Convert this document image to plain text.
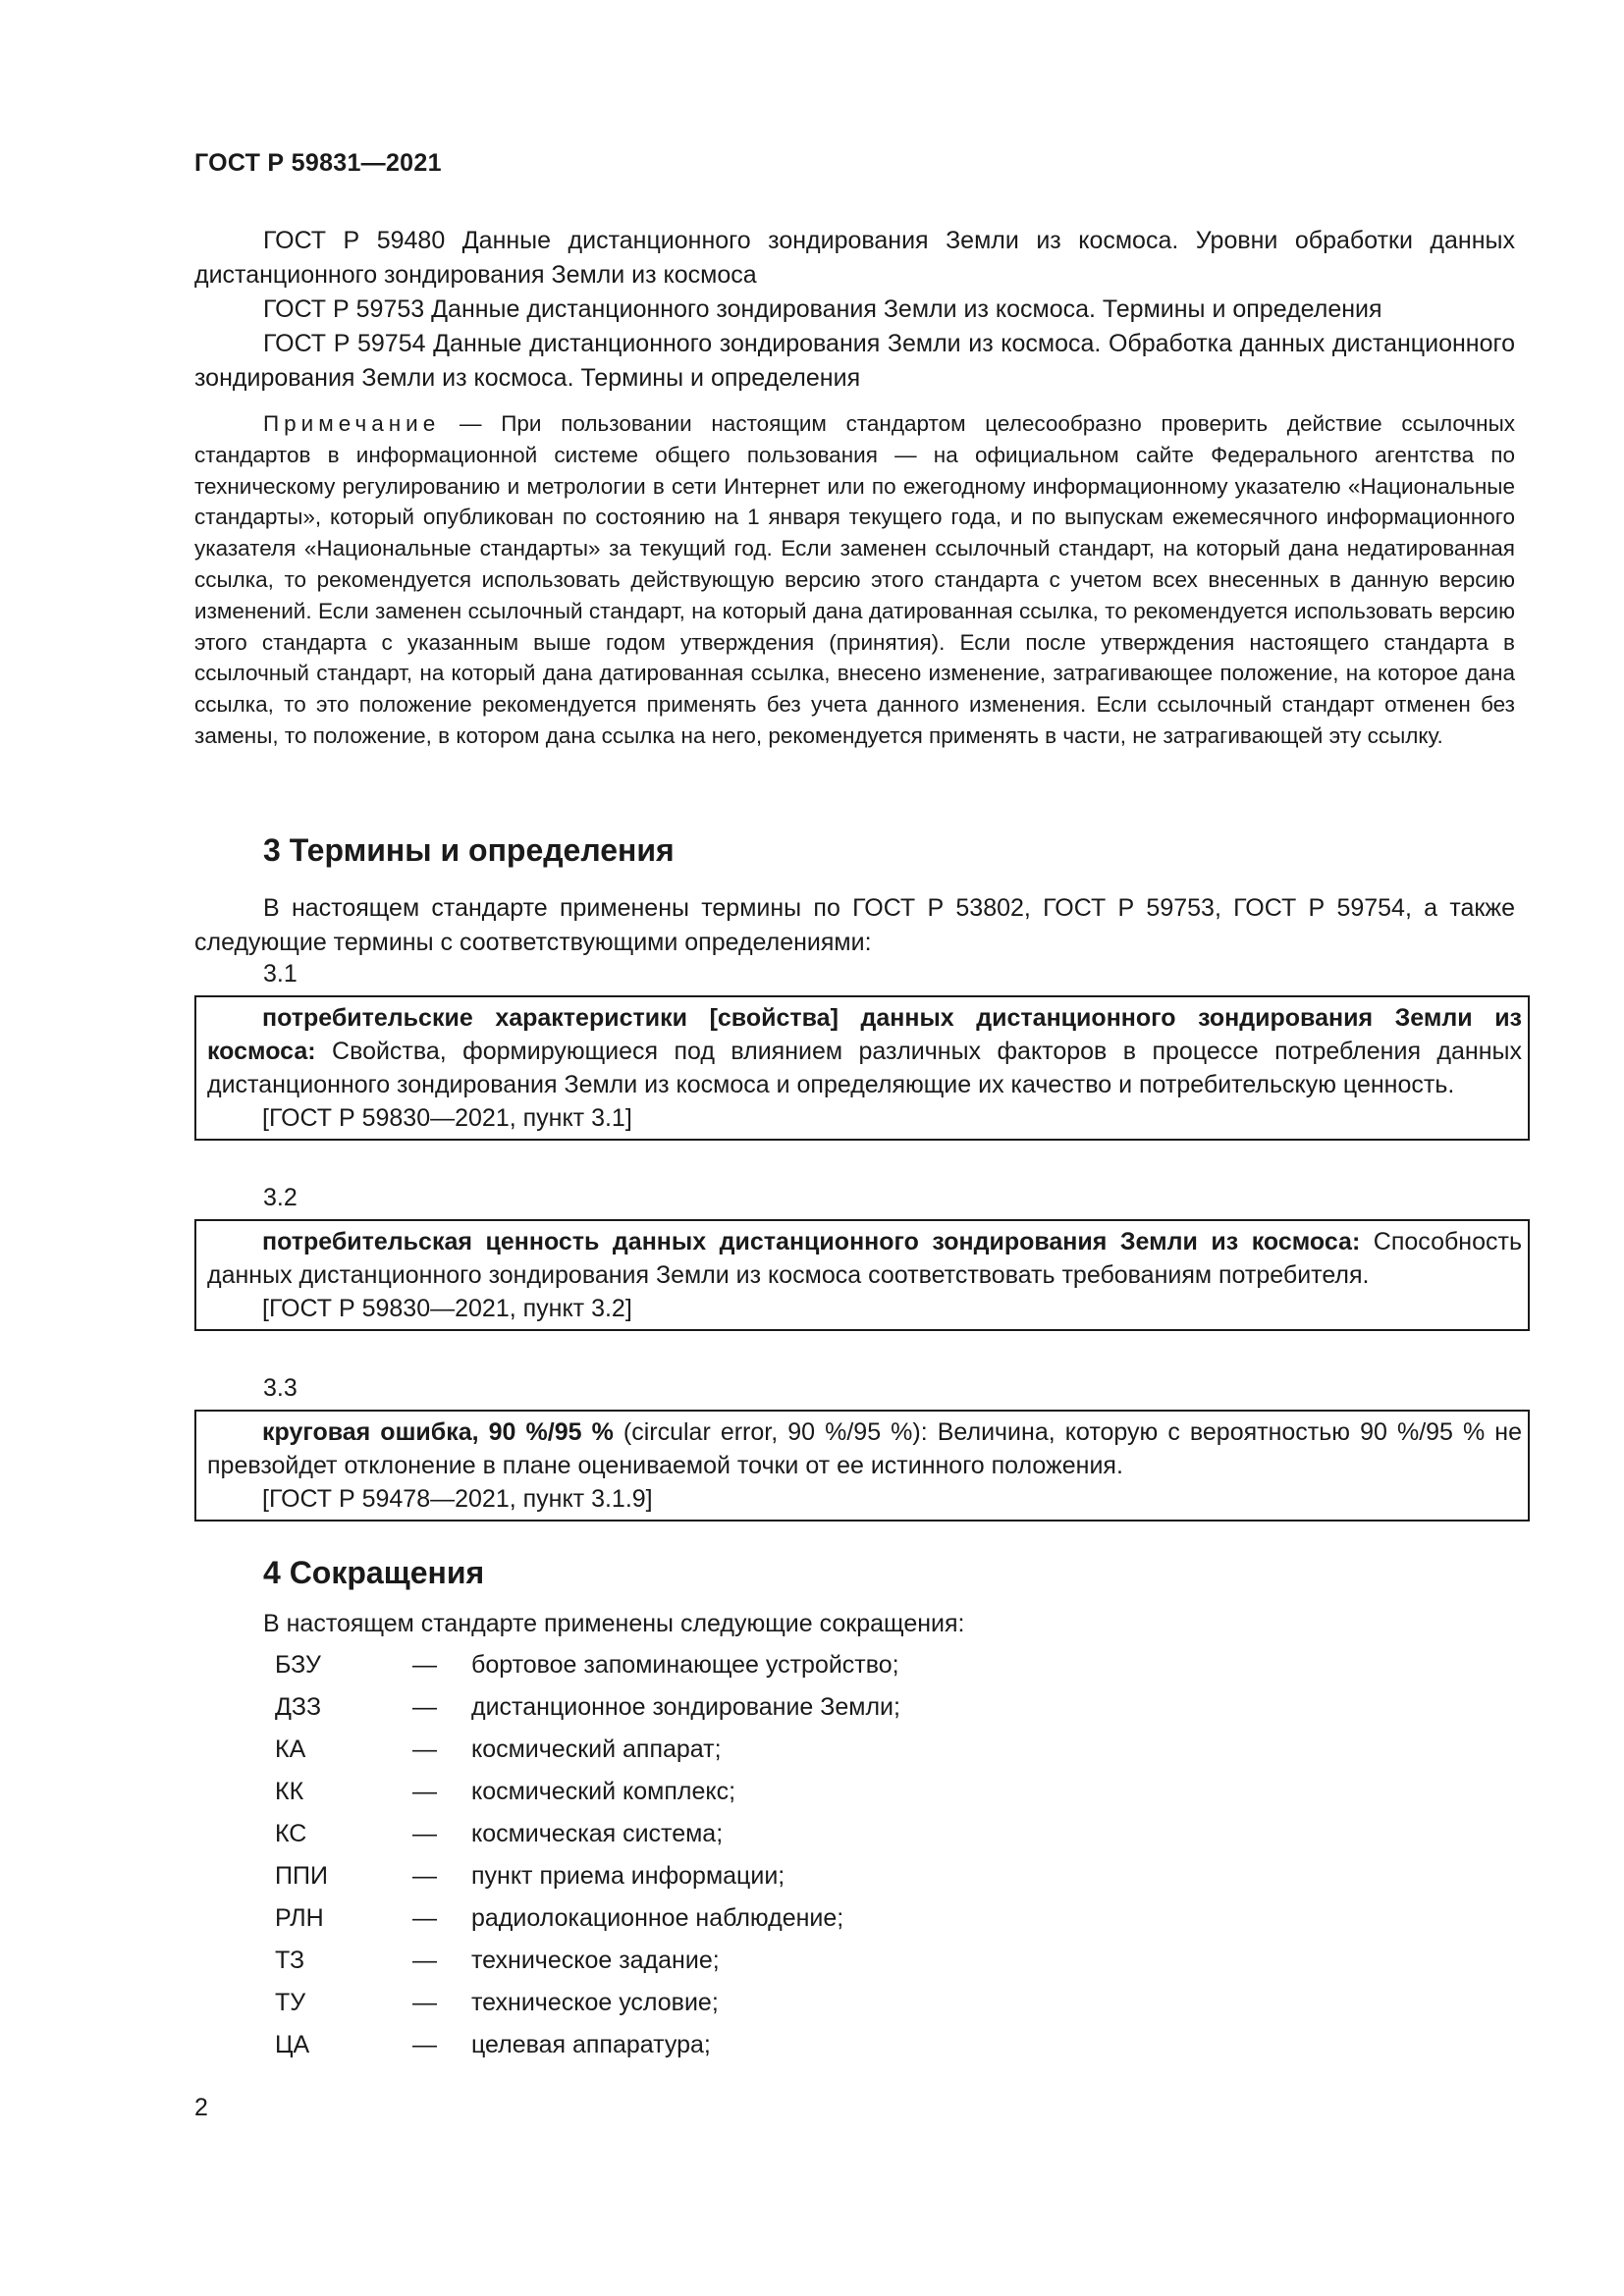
ГОСТ Р 59831—2021

ГОСТ Р 59480 Данные дистанционного зондирования Земли из космоса. Уровни обработки данных дистанционного зондирования Земли из космоса

ГОСТ Р 59753 Данные дистанционного зондирования Земли из космоса. Термины и определения

ГОСТ Р 59754 Данные дистанционного зондирования Земли из космоса. Обработка данных дистанционного зондирования Земли из космоса. Термины и определения

Примечание — При пользовании настоящим стандартом целесообразно проверить действие ссылочных стандартов в информационной системе общего пользования — на официальном сайте Федерального агентства по техническому регулированию и метрологии в сети Интернет или по ежегодному информационному указателю «Национальные стандарты», который опубликован по состоянию на 1 января текущего года, и по выпускам ежемесячного информационного указателя «Национальные стандарты» за текущий год. Если заменен ссылочный стандарт, на который дана недатированная ссылка, то рекомендуется использовать действующую версию этого стандарта с учетом всех внесенных в данную версию изменений. Если заменен ссылочный стандарт, на который дана датированная ссылка, то рекомендуется использовать версию этого стандарта с указанным выше годом утверждения (принятия). Если после утверждения настоящего стандарта в ссылочный стандарт, на который дана датированная ссылка, внесено изменение, затрагивающее положение, на которое дана ссылка, то это положение рекомендуется применять без учета данного изменения. Если ссылочный стандарт отменен без замены, то положение, в котором дана ссылка на него, рекомендуется применять в части, не затрагивающей эту ссылку.

3 Термины и определения

В настоящем стандарте применены термины по ГОСТ Р 53802, ГОСТ Р 59753, ГОСТ Р 59754, а также следующие термины с соответствующими определениями:

3.1

потребительские характеристики [свойства] данных дистанционного зондирования Земли из космоса: Свойства, формирующиеся под влиянием различных факторов в процессе потребления данных дистанционного зондирования Земли из космоса и определяющие их качество и потребительскую ценность.

[ГОСТ Р 59830—2021, пункт 3.1]

3.2

потребительская ценность данных дистанционного зондирования Земли из космоса: Способность данных дистанционного зондирования Земли из космоса соответствовать требованиям потребителя.

[ГОСТ Р 59830—2021, пункт 3.2]

3.3

круговая ошибка, 90 %/95 % (circular error, 90 %/95 %): Величина, которую с вероятностью 90 %/95 % не превзойдет отклонение в плане оцениваемой точки от ее истинного положения.

[ГОСТ Р 59478—2021, пункт 3.1.9]

4 Сокращения
В настоящем стандарте применены следующие сокращения:
БЗУ	— бортовое запоминающее устройство;
ДЗЗ	— дистанционное зондирование Земли;
КА	— космический аппарат;
КК	— космический комплекс;
КС	— космическая система;
ППИ	— пункт приема информации;
РЛН	— радиолокационное наблюдение;
ТЗ	— техническое задание;
ТУ	— техническое условие;
ЦА	— целевая аппаратура;
2
